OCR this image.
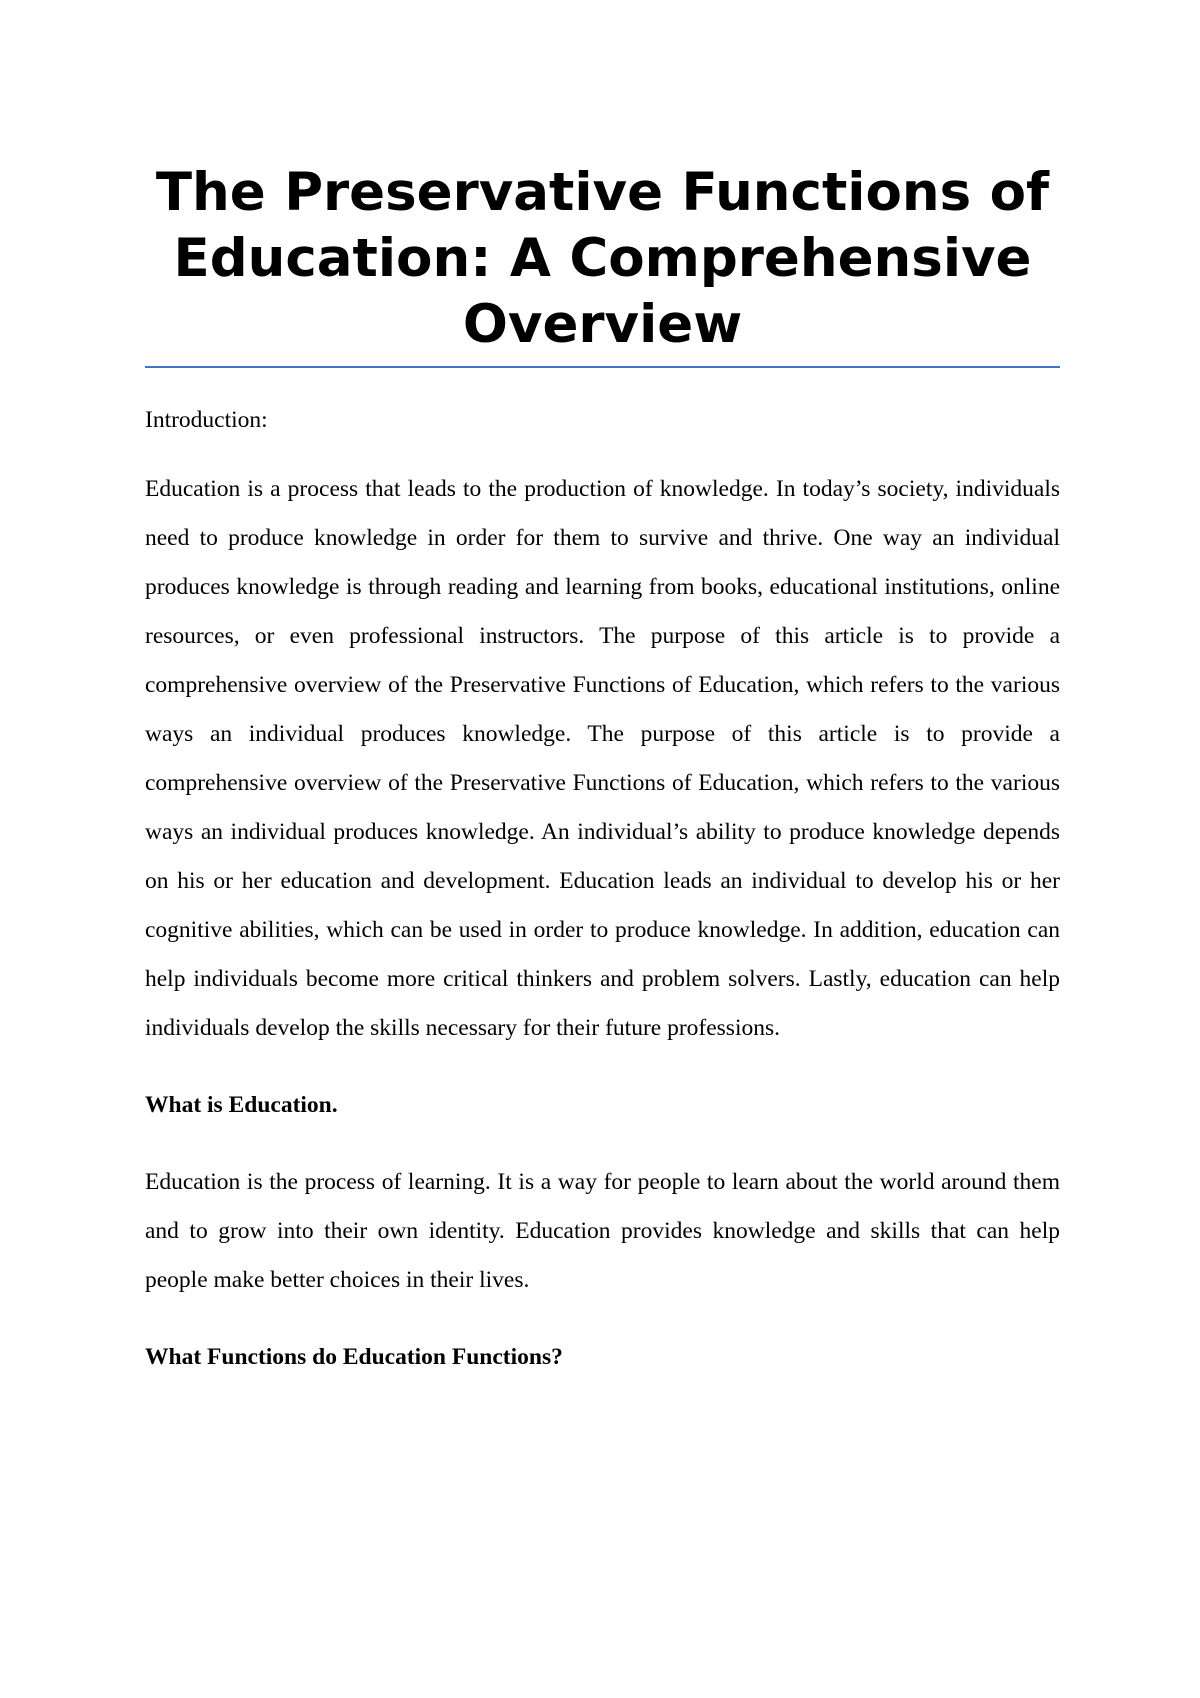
The Preservative Functions of Education: A Comprehensive Overview

Introduction:

Education is a process that leads to the production of knowledge. In today’s society, individuals need to produce knowledge in order for them to survive and thrive. One way an individual produces knowledge is through reading and learning from books, educational institutions, online resources, or even professional instructors. The purpose of this article is to provide a comprehensive overview of the Preservative Functions of Education, which refers to the various ways an individual produces knowledge. The purpose of this article is to provide a comprehensive overview of the Preservative Functions of Education, which refers to the various ways an individual produces knowledge. An individual’s ability to produce knowledge depends on his or her education and development. Education leads an individual to develop his or her cognitive abilities, which can be used in order to produce knowledge. In addition, education can help individuals become more critical thinkers and problem solvers. Lastly, education can help individuals develop the skills necessary for their future professions.

What is Education.

Education is the process of learning. It is a way for people to learn about the world around them and to grow into their own identity. Education provides knowledge and skills that can help people make better choices in their lives.

What Functions do Education Functions?
